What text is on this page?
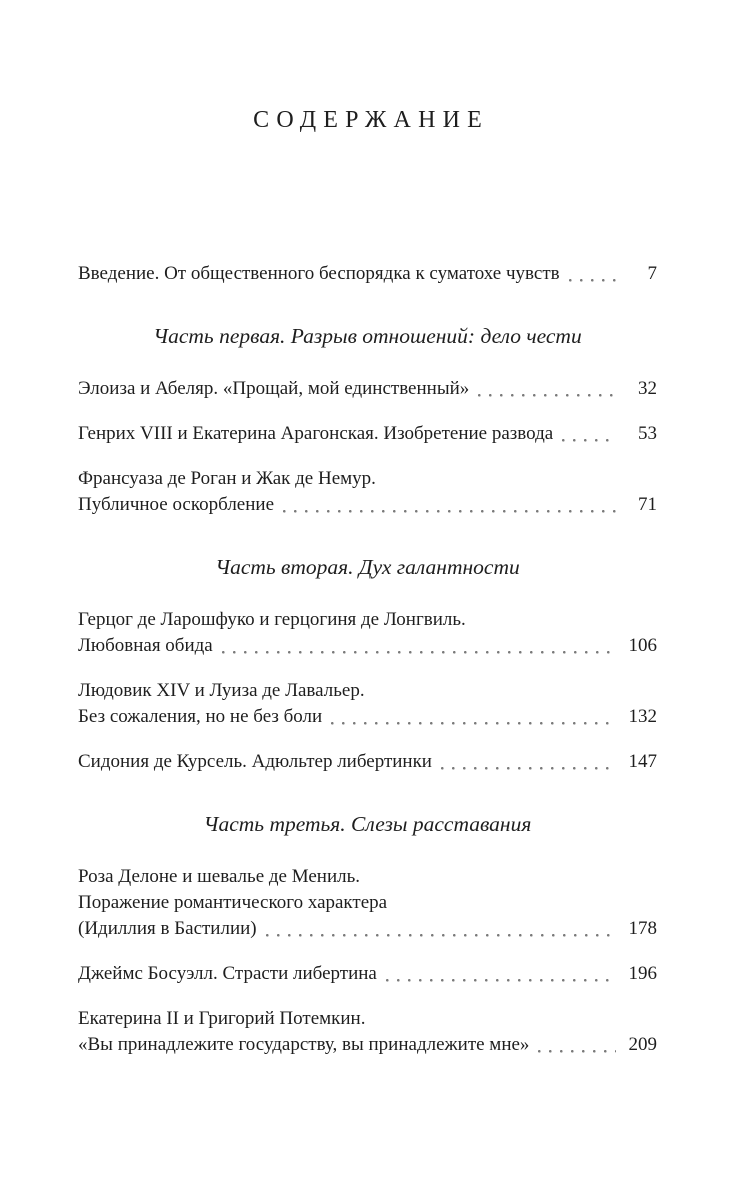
СОДЕРЖАНИЕ
Введение. От общественного беспорядка к суматохе чувств	7
Часть первая. Разрыв отношений: дело чести
Элоиза и Абеляр. «Прощай, мой единственный»	32
Генрих VIII и Екатерина Арагонская. Изобретение развода	53
Франсуаза де Роган и Жак де Немур.
Публичное оскорбление	71
Часть вторая. Дух галантности
Герцог де Ларошфуко и герцогиня де Лонгвиль.
Любовная обида	106
Людовик XIV и Луиза де Лавальер.
Без сожаления, но не без боли	132
Сидония де Курсель. Адюльтер либертинки	147
Часть третья. Слезы расставания
Роза Делоне и шевалье де Мениль.
Поражение романтического характера
(Идиллия в Бастилии)	178
Джеймс Босуэлл. Страсти либертина	196
Екатерина II и Григорий Потемкин.
«Вы принадлежите государству, вы принадлежите мне»	209
